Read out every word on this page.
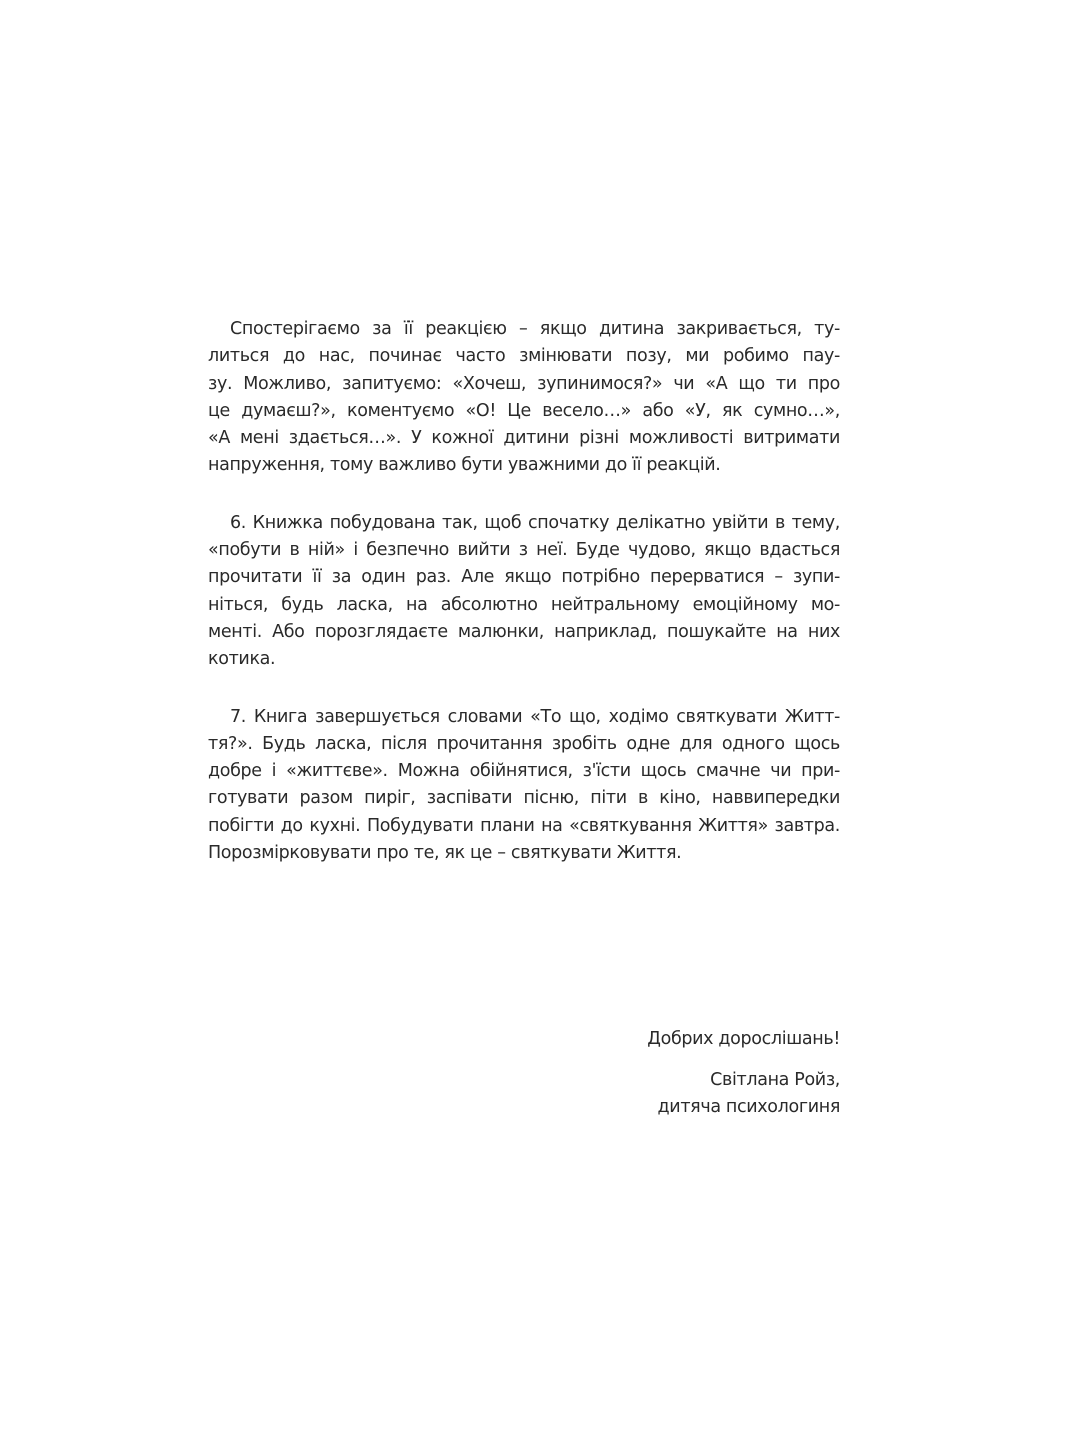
Спостерігаємо за її реакцією – якщо дитина закривається, ту-
литься до нас, починає часто змінювати позу, ми робимо пау-
зу. Можливо, запитуємо: «Хочеш, зупинимося?» чи «А що ти про
це думаєш?», коментуємо «О! Це весело…» або «У, як сумно…»,
«А мені здається…». У кожної дитини різні можливості витримати
напруження, тому важливо бути уважними до її реакцій.

6. Книжка побудована так, щоб спочатку делікатно увійти в тему,
«побути в ній» і безпечно вийти з неї. Буде чудово, якщо вдасться
прочитати її за один раз. Але якщо потрібно перерватися – зупи-
ніться, будь ласка, на абсолютно нейтральному емоційному мо-
менті. Або порозглядаєте малюнки, наприклад, пошукайте на них
котика.

7. Книга завершується словами «То що, ходімо святкувати Житт-
тя?». Будь ласка, після прочитання зробіть одне для одного щось
добре і «життєве». Можна обійнятися, з'їсти щось смачне чи при-
готувати разом пиріг, заспівати пісню, піти в кіно, наввипередки
побігти до кухні. Побудувати плани на «святкування Життя» завтра.
Порозмірковувати про те, як це – святкувати Життя.

Добрих дорослішань!
Світлана Ройз,
дитяча психологиня
